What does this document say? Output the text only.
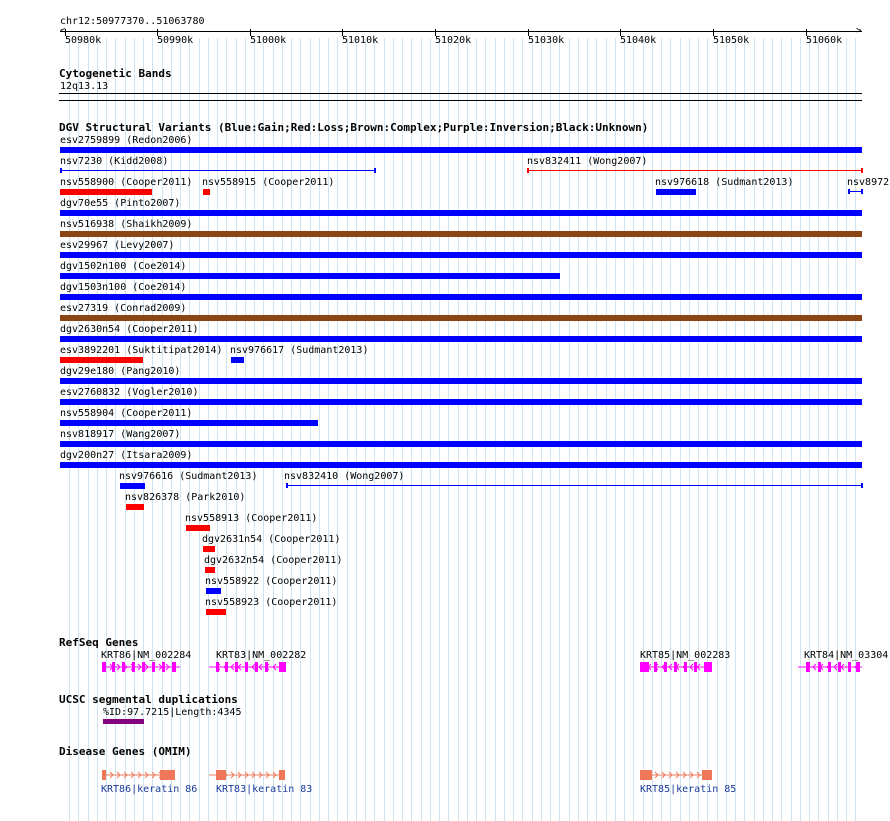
chr12:50977370..51063780
<	>
50980k	50990k	51000k	51010k	51020k	51030k	51040k	51050k	51060k
Cytogenetic Bands
12q13.13
DGV Structural Variants (Blue:Gain;Red:Loss;Brown:Complex;Purple:Inversion;Black:Unknown)
esv2759899 (Redon2006)
nsv7230 (Kidd2008)	nsv832411 (Wong2007)
nsv558900 (Cooper2011) nsv558915 (Cooper2011)	nsv976618 (Sudmant2013)	nsv8972
dgv70e55 (Pinto2007)
nsv516938 (Shaikh2009)
esv29967 (Levy2007)
dgv1502n100 (Coe2014)
dgv1503n100 (Coe2014)
esv27319 (Conrad2009)
dgv2630n54 (Cooper2011)
esv3892201 (Suktitipat2014) nsv976617 (Sudmant2013)
dgv29e180 (Pang2010)
esv2760832 (Vogler2010)
nsv558904 (Cooper2011)
nsv818917 (Wang2007)
dgv200n27 (Itsara2009)
nsv976616 (Sudmant2013)	nsv832410 (Wong2007)
nsv826378 (Park2010)
nsv558913 (Cooper2011)
dgv2631n54 (Cooper2011)
dgv2632n54 (Cooper2011)
nsv558922 (Cooper2011)
nsv558923 (Cooper2011)
RefSeq Genes
KRT86|NM_002284 KRT83|NM_002282	KRT85|NM_002283	KRT84|NM_03304
UCSC segmental duplications
%ID:97.7215|Length:4345
Disease Genes (OMIM)
KRT86|keratin 86 KRT83|keratin 83	KRT85|keratin 85
